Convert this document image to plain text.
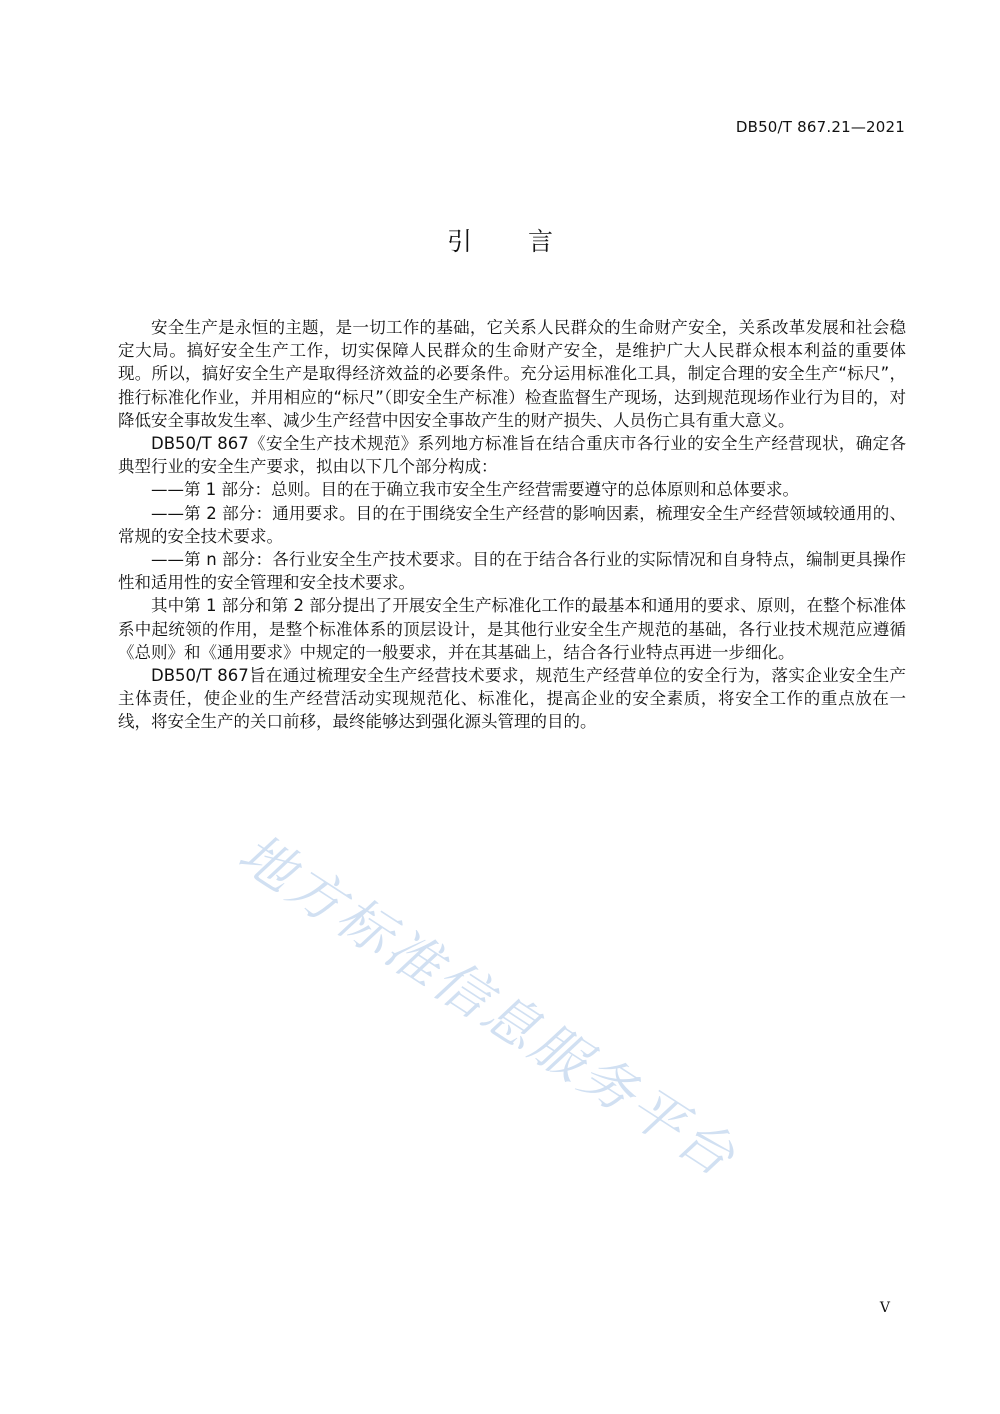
DB50/T 867.21—2021
引言

安全生产是永恒的主题，是一切工作的基础，它关系人民群众的生命财产安全，关系改革发展和社会稳定大局。搞好安全生产工作，切实保障人民群众的生命财产安全，是维护广大人民群众根本利益的重要体现。所以，搞好安全生产是取得经济效益的必要条件。充分运用标准化工具，制定合理的安全生产“标尺”，推行标准化作业，并用相应的“标尺”（即安全生产标准）检查监督生产现场，达到规范现场作业行为目的，对降低安全事故发生率、减少生产经营中因安全事故产生的财产损失、人员伤亡具有重大意义。

DB50/T 867《安全生产技术规范》系列地方标准旨在结合重庆市各行业的安全生产经营现状，确定各典型行业的安全生产要求，拟由以下几个部分构成：

——第 1 部分：总则。目的在于确立我市安全生产经营需要遵守的总体原则和总体要求。

——第 2 部分：通用要求。目的在于围绕安全生产经营的影响因素，梳理安全生产经营领域较通用的、常规的安全技术要求。

——第 n 部分：各行业安全生产技术要求。目的在于结合各行业的实际情况和自身特点，编制更具操作性和适用性的安全管理和安全技术要求。

其中第 1 部分和第 2 部分提出了开展安全生产标准化工作的最基本和通用的要求、原则，在整个标准体系中起统领的作用，是整个标准体系的顶层设计，是其他行业安全生产规范的基础，各行业技术规范应遵循《总则》和《通用要求》中规定的一般要求，并在其基础上，结合各行业特点再进一步细化。

DB50/T 867旨在通过梳理安全生产经营技术要求，规范生产经营单位的安全行为，落实企业安全生产主体责任，使企业的生产经营活动实现规范化、标准化，提高企业的安全素质，将安全工作的重点放在一线，将安全生产的关口前移，最终能够达到强化源头管理的目的。

地方标准信息服务平台
V
